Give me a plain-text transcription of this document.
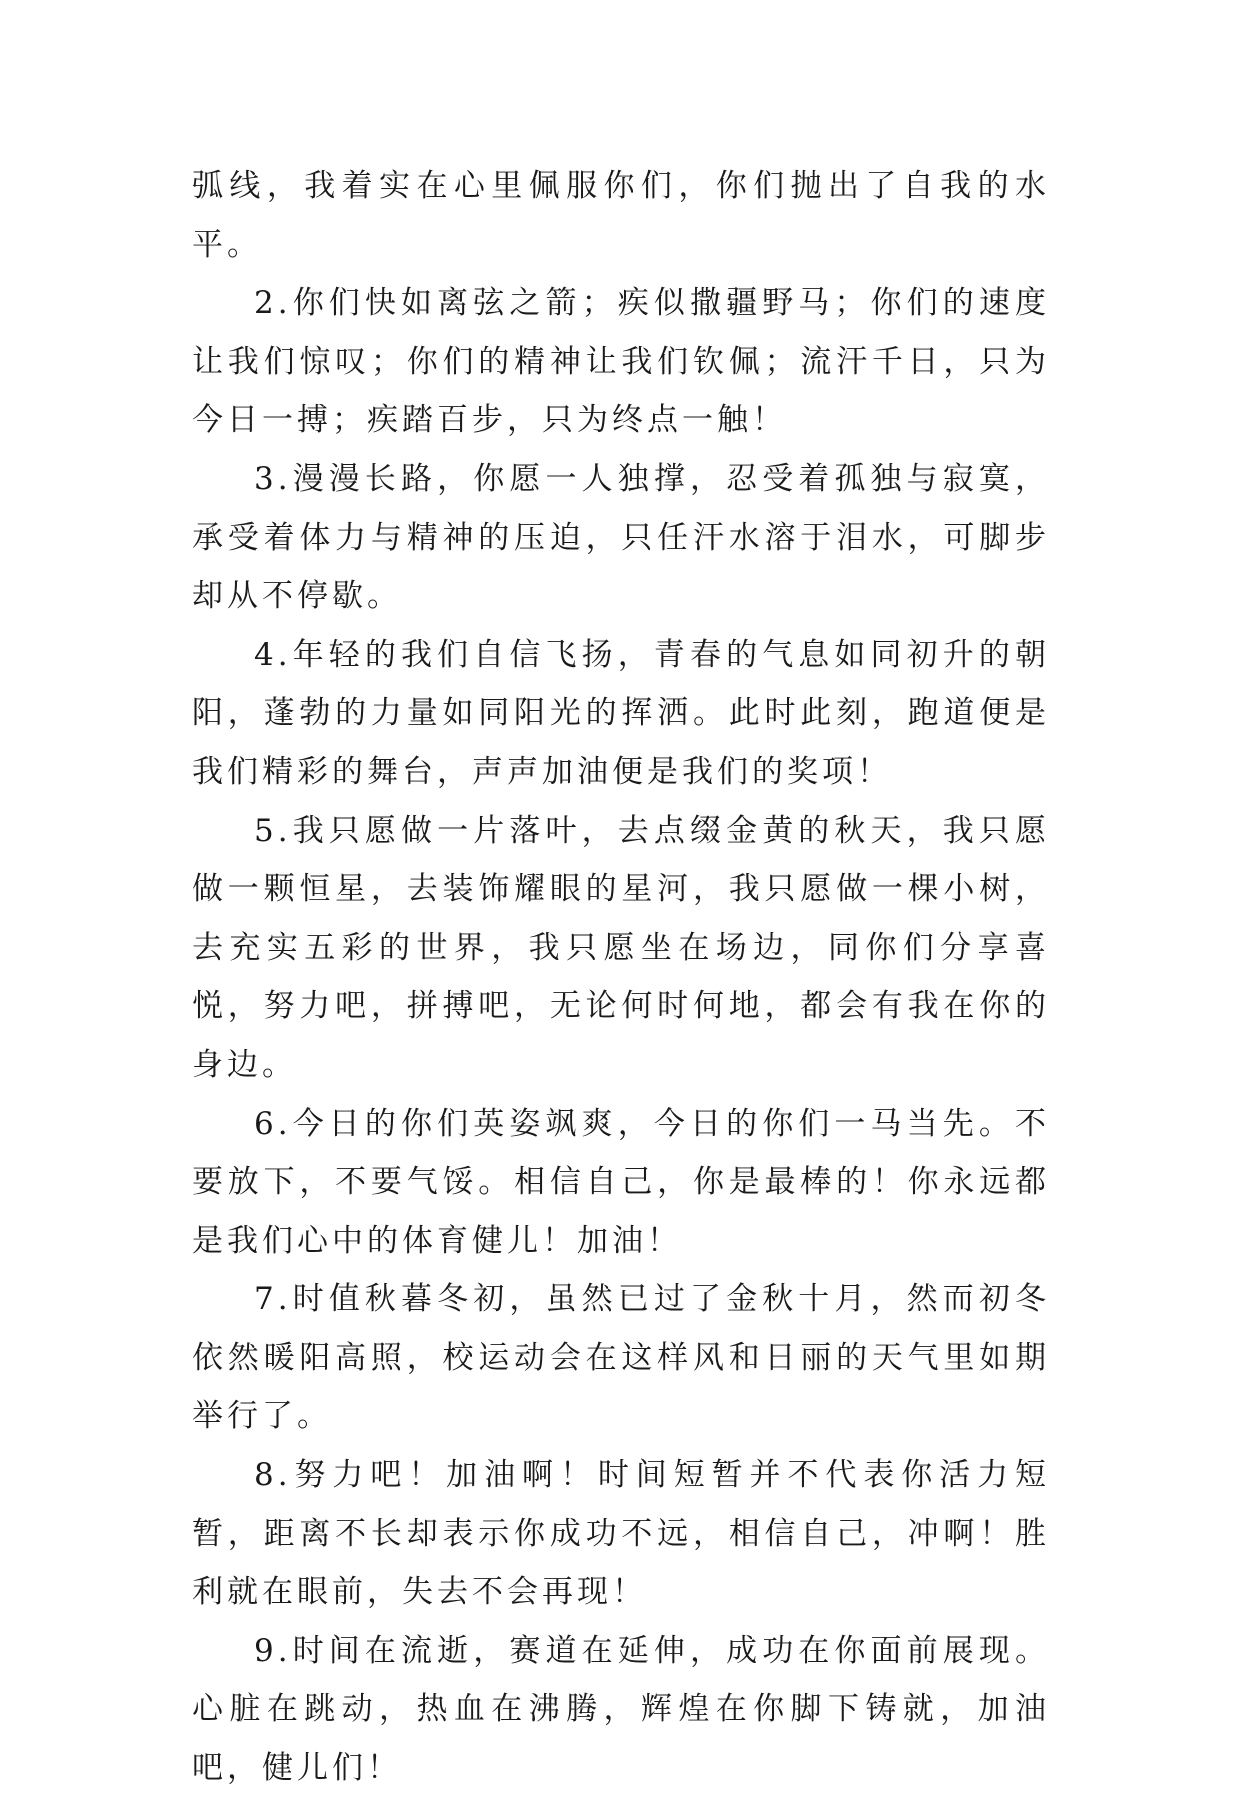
弧线，我着实在心里佩服你们，你们抛出了自我的水平。

2.你们快如离弦之箭；疾似撒疆野马；你们的速度让我们惊叹；你们的精神让我们钦佩；流汗千日，只为今日一搏；疾踏百步，只为终点一触！

3.漫漫长路，你愿一人独撑，忍受着孤独与寂寞，承受着体力与精神的压迫，只任汗水溶于泪水，可脚步却从不停歇。

4.年轻的我们自信飞扬，青春的气息如同初升的朝阳，蓬勃的力量如同阳光的挥洒。此时此刻，跑道便是我们精彩的舞台，声声加油便是我们的奖项！

5.我只愿做一片落叶，去点缀金黄的秋天，我只愿做一颗恒星，去装饰耀眼的星河，我只愿做一棵小树，去充实五彩的世界，我只愿坐在场边，同你们分享喜悦，努力吧，拼搏吧，无论何时何地，都会有我在你的身边。

6.今日的你们英姿飒爽，今日的你们一马当先。不要放下，不要气馁。相信自己，你是最棒的！你永远都是我们心中的体育健儿！加油！

7.时值秋暮冬初，虽然已过了金秋十月，然而初冬依然暖阳高照，校运动会在这样风和日丽的天气里如期举行了。

8.努力吧！加油啊！时间短暂并不代表你活力短暂，距离不长却表示你成功不远，相信自己，冲啊！胜利就在眼前，失去不会再现！

9.时间在流逝，赛道在延伸，成功在你面前展现。心脏在跳动，热血在沸腾，辉煌在你脚下铸就，加油吧，健儿们！
